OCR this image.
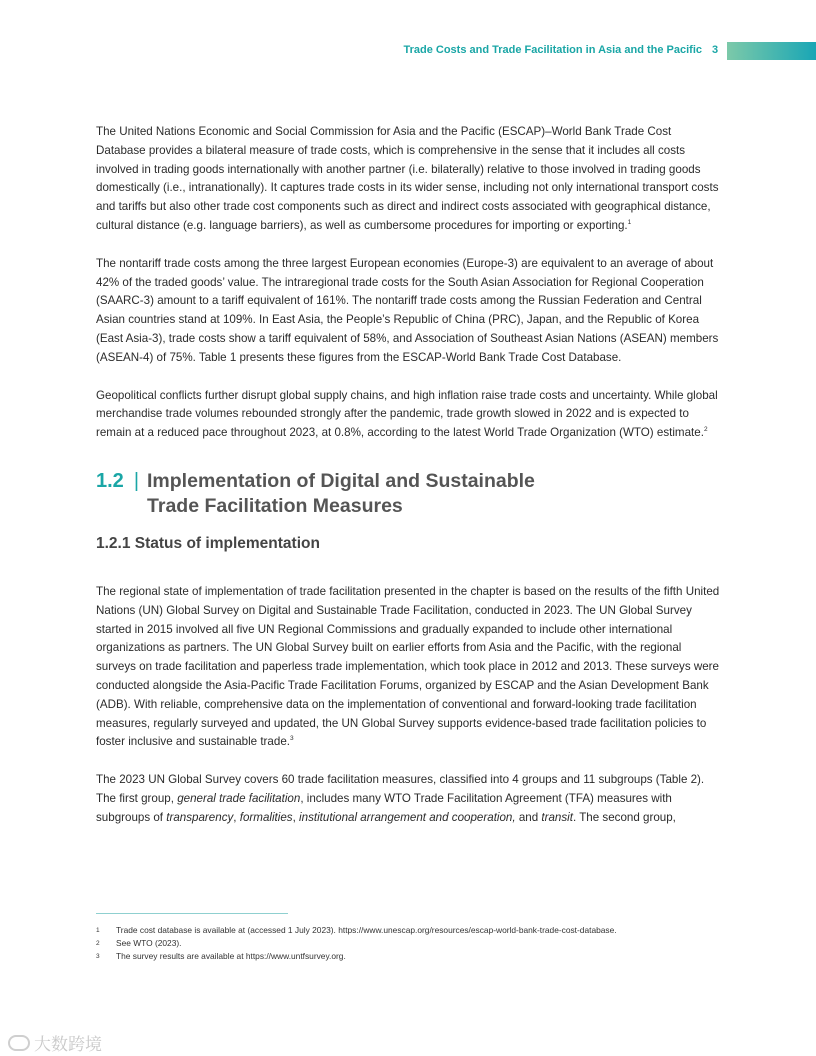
Trade Costs and Trade Facilitation in Asia and the Pacific 3

The United Nations Economic and Social Commission for Asia and the Pacific (ESCAP)–World Bank Trade Cost Database provides a bilateral measure of trade costs, which is comprehensive in the sense that it includes all costs involved in trading goods internationally with another partner (i.e. bilaterally) relative to those involved in trading goods domestically (i.e., intranationally). It captures trade costs in its wider sense, including not only international transport costs and tariffs but also other trade cost components such as direct and indirect costs associated with geographical distance, cultural distance (e.g. language barriers), as well as cumbersome procedures for importing or exporting.$^1$

The nontariff trade costs among the three largest European economies (Europe-3) are equivalent to an average of about 42% of the traded goods’ value. The intraregional trade costs for the South Asian Association for Regional Cooperation (SAARC-3) amount to a tariff equivalent of 161%. The nontariff trade costs among the Russian Federation and Central Asian countries stand at 109%. In East Asia, the People’s Republic of China (PRC), Japan, and the Republic of Korea (East Asia-3), trade costs show a tariff equivalent of 58%, and Association of Southeast Asian Nations (ASEAN) members (ASEAN-4) of 75%. Table 1 presents these figures from the ESCAP-World Bank Trade Cost Database.

Geopolitical conflicts further disrupt global supply chains, and high inflation raise trade costs and uncertainty. While global merchandise trade volumes rebounded strongly after the pandemic, trade growth slowed in 2022 and is expected to remain at a reduced pace throughout 2023, at 0.8%, according to the latest World Trade Organization (WTO) estimate.$^2$

1.2 | Implementation of Digital and Sustainable Trade Facilitation Measures
1.2.1 Status of implementation

The regional state of implementation of trade facilitation presented in the chapter is based on the results of the fifth United Nations (UN) Global Survey on Digital and Sustainable Trade Facilitation, conducted in 2023. The UN Global Survey started in 2015 involved all five UN Regional Commissions and gradually expanded to include other international organizations as partners. The UN Global Survey built on earlier efforts from Asia and the Pacific, with the regional surveys on trade facilitation and paperless trade implementation, which took place in 2012 and 2013. These surveys were conducted alongside the Asia-Pacific Trade Facilitation Forums, organized by ESCAP and the Asian Development Bank (ADB). With reliable, comprehensive data on the implementation of conventional and forward-looking trade facilitation measures, regularly surveyed and updated, the UN Global Survey supports evidence-based trade facilitation policies to foster inclusive and sustainable trade.$^3$

The 2023 UN Global Survey covers 60 trade facilitation measures, classified into 4 groups and 11 subgroups (Table 2). The first group, general trade facilitation, includes many WTO Trade Facilitation Agreement (TFA) measures with subgroups of transparency, formalities, institutional arrangement and cooperation, and transit. The second group,

1	Trade cost database is available at (accessed 1 July 2023). https://www.unescap.org/resources/escap-world-bank-trade-cost-database.
2	See WTO (2023).
3	The survey results are available at https://www.untfsurvey.org.
大数跨境
